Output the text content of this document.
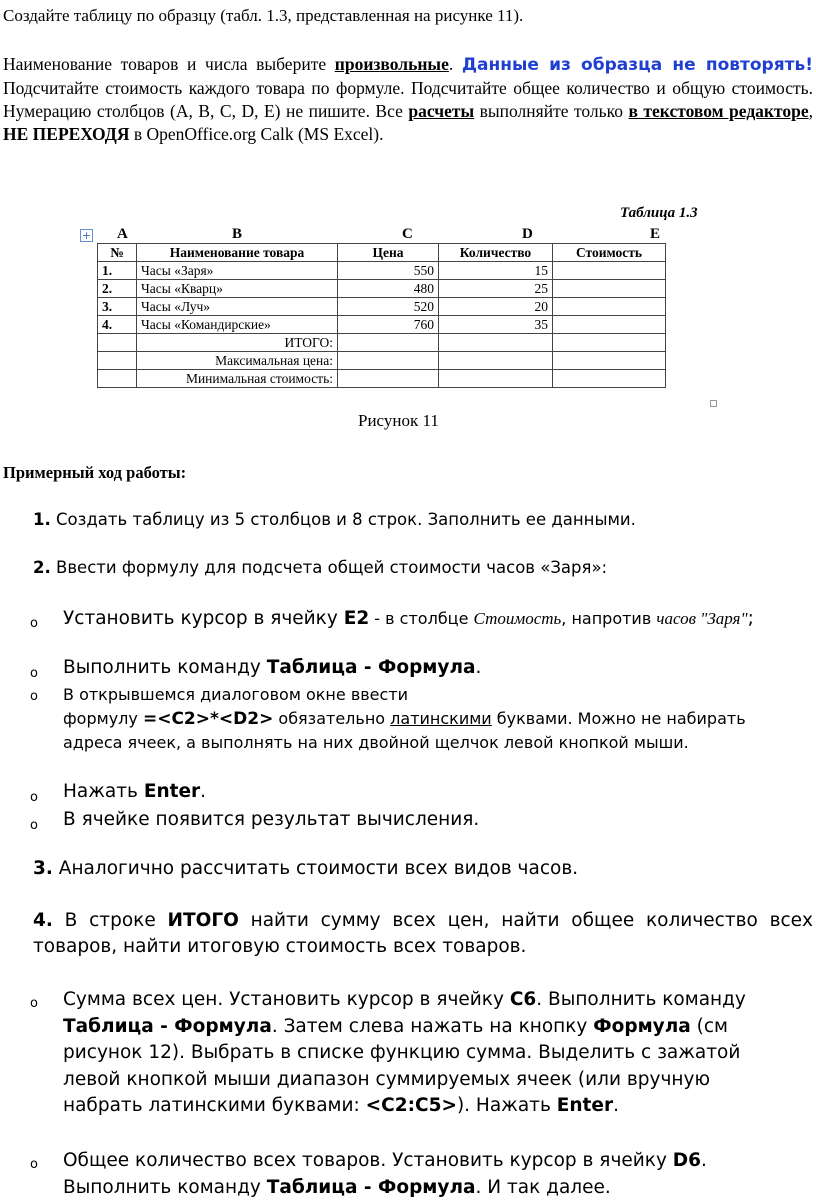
Создайте таблицу по образцу (табл. 1.3, представленная на рисунке 11).

Наименование товаров и числа выберите произвольные. Данные из образца не повторять! Подсчитайте стоимость каждого товара по формуле. Подсчитайте общее количество и общую стоимость. Нумерацию столбцов (А, В, С, D, E) не пишите. Все расчеты выполняйте только в текстовом редакторе, НЕ ПЕРЕХОДЯ в OpenOffice.org Calk (MS Excel).

Таблица 1.3
+ A	B	C	D	E
№	Наименование товара	Цена	Количество	Стоимость
1.	Часы «Заря»	550	15	
2.	Часы «Кварц»	480	25	
3.	Часы «Луч»	520	20	
4.	Часы «Командирские»	760	35	
	ИТОГО:			
	Максимальная цена:			
	Минимальная стоимость:			

Рисунок 11

Примерный ход работы:

1. Создать таблицу из 5 столбцов и 8 строк. Заполнить ее данными.

2. Ввести формулу для подсчета общей стоимости часов «Заря»:

o Установить курсор в ячейку Е2 - в столбце Стоимость, напротив часов "Заря";

o Выполнить команду Таблица - Формула.

o В открывшемся диалоговом окне ввести
формулу =<C2>*<D2> обязательно латинскими буквами. Можно не набирать адреса ячеек, а выполнять на них двойной щелчок левой кнопкой мыши.

o Нажать Enter.

o В ячейке появится результат вычисления.

3. Аналогично рассчитать стоимости всех видов часов.

4. В строке ИТОГО найти сумму всех цен, найти общее количество всех товаров, найти итоговую стоимость всех товаров.

o Сумма всех цен. Установить курсор в ячейку С6. Выполнить команду Таблица - Формула. Затем слева нажать на кнопку Формула (см рисунок 12). Выбрать в списке функцию сумма. Выделить с зажатой левой кнопкой мыши диапазон суммируемых ячеек (или вручную набрать латинскими буквами: <C2:C5>). Нажать Enter.

o Общее количество всех товаров. Установить курсор в ячейку D6. Выполнить команду Таблица - Формула. И так далее.
